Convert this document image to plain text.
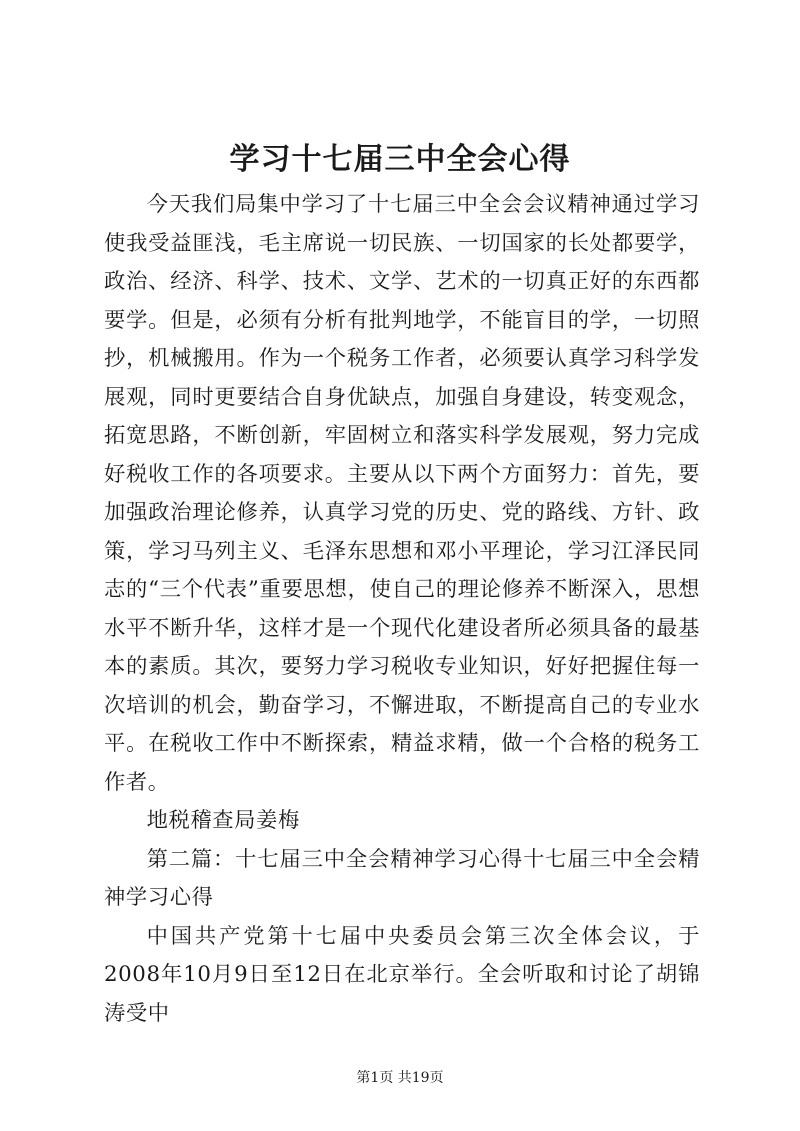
学习十七届三中全会心得

今天我们局集中学习了十七届三中全会会议精神通过学习使我受益匪浅，毛主席说一切民族、一切国家的长处都要学，政治、经济、科学、技术、文学、艺术的一切真正好的东西都要学。但是，必须有分析有批判地学，不能盲目的学，一切照抄，机械搬用。作为一个税务工作者，必须要认真学习科学发展观，同时更要结合自身优缺点，加强自身建设，转变观念，拓宽思路，不断创新，牢固树立和落实科学发展观，努力完成好税收工作的各项要求。主要从以下两个方面努力：首先，要加强政治理论修养，认真学习党的历史、党的路线、方针、政策，学习马列主义、毛泽东思想和邓小平理论，学习江泽民同志的“三个代表”重要思想，使自己的理论修养不断深入，思想水平不断升华，这样才是一个现代化建设者所必须具备的最基本的素质。其次，要努力学习税收专业知识，好好把握住每一次培训的机会，勤奋学习，不懈进取，不断提高自己的专业水平。在税收工作中不断探索，精益求精，做一个合格的税务工作者。

地税稽查局姜梅

第二篇：十七届三中全会精神学习心得十七届三中全会精神学习心得

中国共产党第十七届中央委员会第三次全体会议，于2008年10月9日至12日在北京举行。全会听取和讨论了胡锦涛受中

第1页 共19页
